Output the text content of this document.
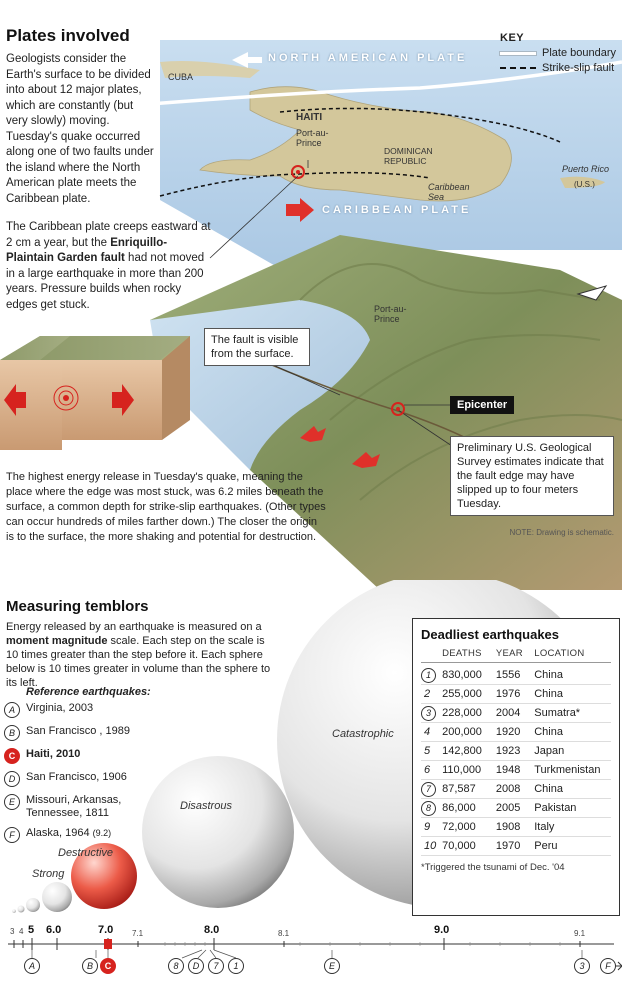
Plates involved
Geologists consider the Earth's surface to be divided into about 12 major plates, which are constantly (but very slowly) moving. Tuesday's quake occurred along one of two faults under the island where the North American plate meets the Caribbean plate.
The Caribbean plate creeps eastward at 2 cm a year, but the Enriquillo-Plaintain Garden fault had not moved in a large earthquake in more than 200 years. Pressure builds when rocky edges get stuck.
KEY
Plate boundary
Strike-slip fault
NORTH AMERICAN PLATE
CARIBBEAN PLATE
CUBA
HAITI
Port-au-Prince
DOMINICAN REPUBLIC
Caribbean Sea
Puerto Rico
(U.S.)
Port-au-Prince
The fault is visible from the surface.
Epicenter
Preliminary U.S. Geological Survey estimates indicate that the fault edge may have slipped up to four meters Tuesday.
The highest energy release in Tuesday's quake, meaning the place where the edge was most stuck, was 6.2 miles beneath the surface, a common depth for strike-slip earthquakes. (Other types can occur hundreds of miles farther down.) The closer the origin is to the surface, the more shaking and potential for destruction.	NOTE: Drawing is schematic.
Measuring temblors
Energy released by an earthquake is measured on a moment magnitude scale. Each step on the scale is 10 times greater than the step before it. Each sphere below is 10 times greater in volume than the sphere to its left.
Reference earthquakes:
A	Virginia, 2003
B	San Francisco , 1989
C Haiti, 2010
D San Francisco, 1906
E	Missouri, Arkansas, Tennessee, 1811
F	Alaska, 1964 (9.2)
Strong
Destructive
Disastrous
Catastrophic
Deadliest earthquakes
DEATHS	YEAR	LOCATION
1	830,000	1556	China
2	255,000	1976	China
3	228,000	2004	Sumatra*
4	200,000	1920	China
5	142,800	1923	Japan
6	110,000	1948	Turkmenistan
7	87,587	2008	China
8	86,000	2005	Pakistan
9	72,000	1908	Italy
10 70,000	1970	Peru
*Triggered the tsunami of Dec. '04
3 4 5 6.0	7.0 7.1	8.0	8.1	9.0	9.1
A	B	C	8	D	7	1	E	3	F
